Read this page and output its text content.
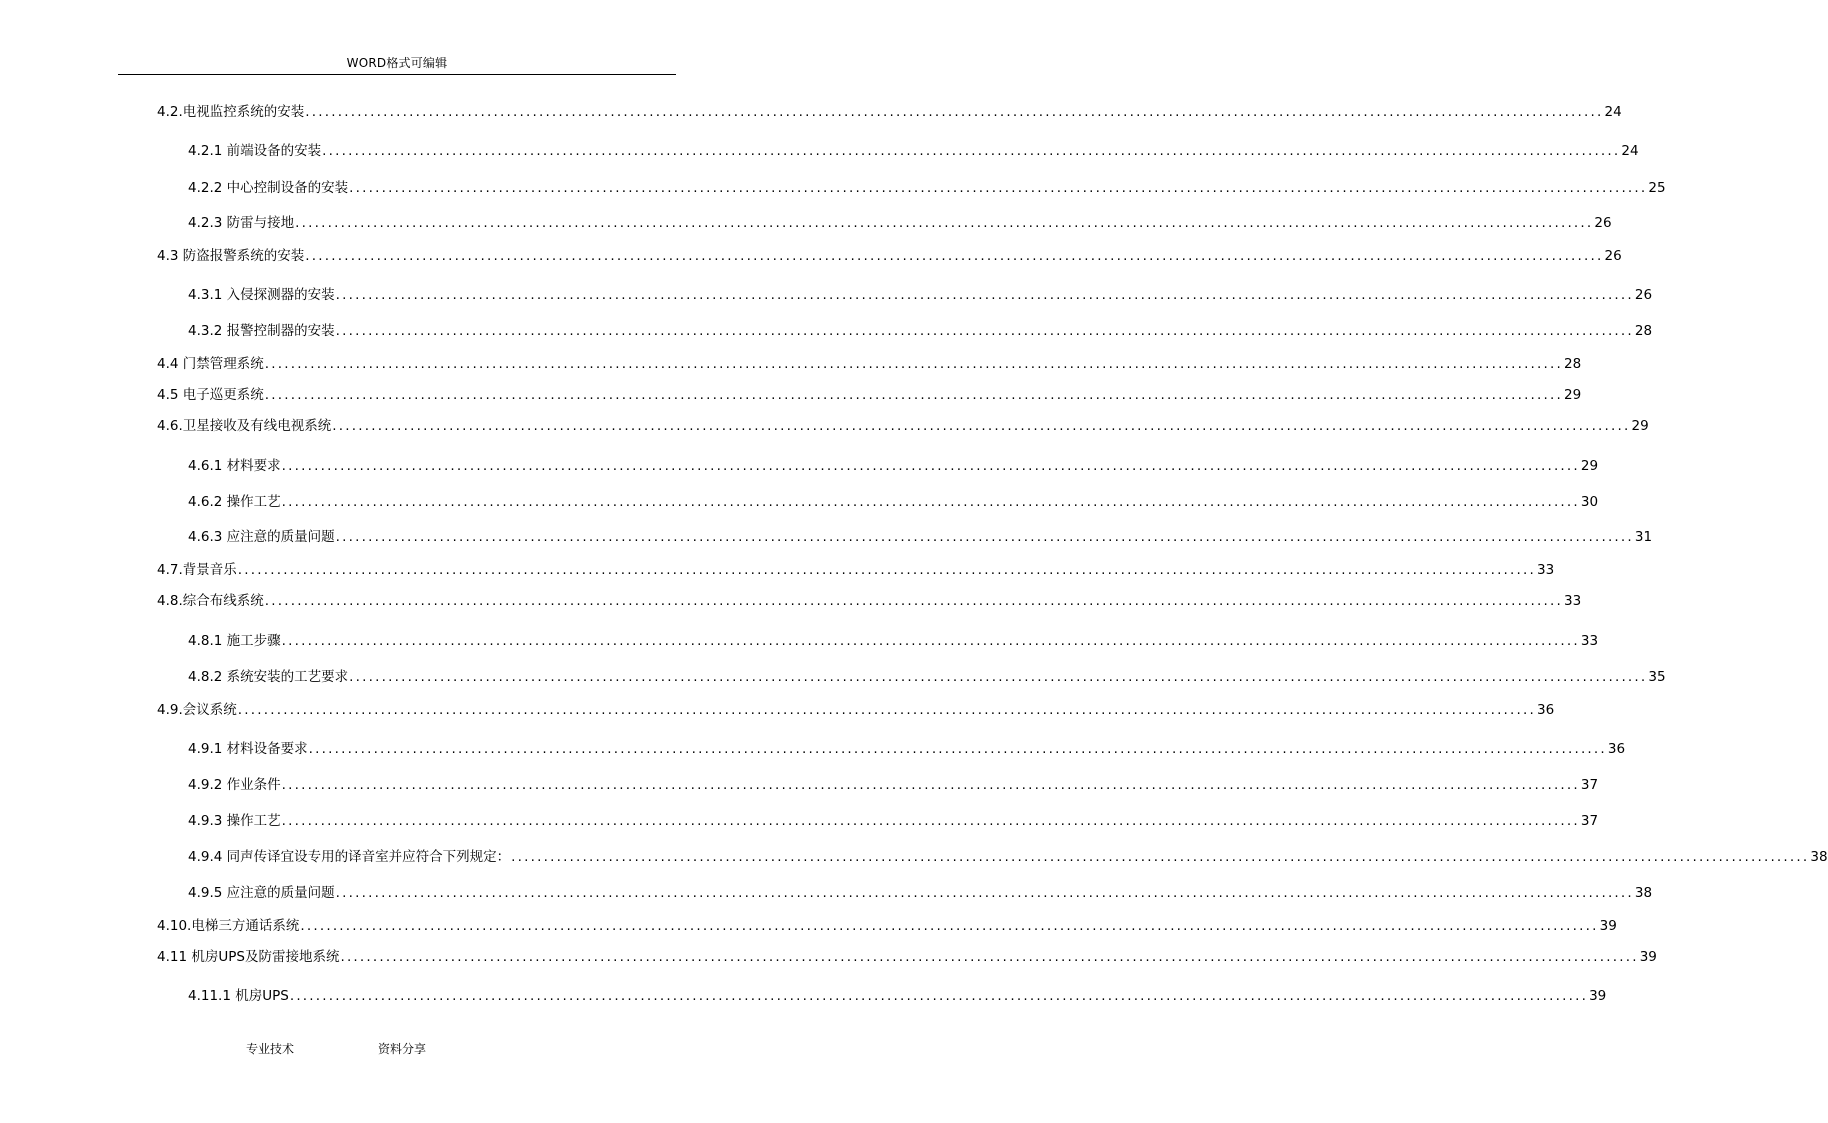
WORD格式可编辑
4.2.电视监控系统的安装 ........................................................................................................................................................................................................ 24
4.2.1 前端设备的安装 ........................................................................................................................................................................................................ 24
4.2.2 中心控制设备的安装 ........................................................................................................................................................................................................ 25
4.2.3 防雷与接地 ........................................................................................................................................................................................................ 26
4.3 防盗报警系统的安装 ........................................................................................................................................................................................................ 26
4.3.1 入侵探测器的安装 ........................................................................................................................................................................................................ 26
4.3.2 报警控制器的安装 ........................................................................................................................................................................................................ 28
4.4 门禁管理系统 ........................................................................................................................................................................................................ 28
4.5 电子巡更系统 ........................................................................................................................................................................................................ 29
4.6.卫星接收及有线电视系统 ........................................................................................................................................................................................................ 29
4.6.1 材料要求 ........................................................................................................................................................................................................ 29
4.6.2 操作工艺 ........................................................................................................................................................................................................ 30
4.6.3 应注意的质量问题 ........................................................................................................................................................................................................ 31
4.7.背景音乐 ........................................................................................................................................................................................................ 33
4.8.综合布线系统 ........................................................................................................................................................................................................ 33
4.8.1 施工步骤 ........................................................................................................................................................................................................ 33
4.8.2 系统安装的工艺要求 ........................................................................................................................................................................................................ 35
4.9.会议系统 ........................................................................................................................................................................................................ 36
4.9.1 材料设备要求 ........................................................................................................................................................................................................ 36
4.9.2 作业条件 ........................................................................................................................................................................................................ 37
4.9.3 操作工艺 ........................................................................................................................................................................................................ 37
4.9.4 同声传译宜设专用的译音室并应符合下列规定： ........................................................................................................................................................................................................ 38
4.9.5 应注意的质量问题 ........................................................................................................................................................................................................ 38
4.10.电梯三方通话系统 ........................................................................................................................................................................................................ 39
4.11 机房UPS及防雷接地系统 ........................................................................................................................................................................................................ 39
4.11.1 机房UPS ........................................................................................................................................................................................................ 39
专业技术	资料分享
